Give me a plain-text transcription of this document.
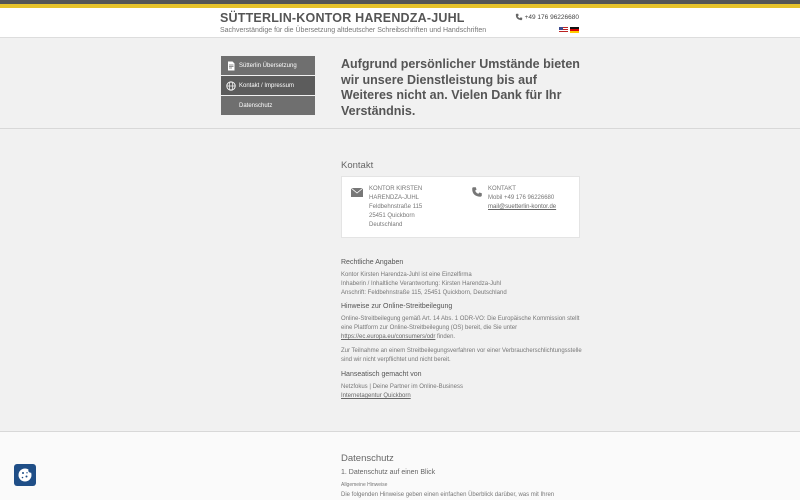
SÜTTERLIN-KONTOR HARENDZA-JUHL
Sachverständige für die Übersetzung altdeutscher Schreibschriften und Handschriften
+49 176 96226680
Sütterlin Übersetzung
Kontakt / Impressum
Datenschutz
Aufgrund persönlicher Umstände bieten wir unsere Dienstleistung bis auf Weiteres nicht an. Vielen Dank für Ihr Verständnis.
Kontakt
KONTOR KIRSTEN
HARENDZA-JUHL
Feldbehnstraße 115
25451 Quickborn
Deutschland
KONTAKT
Mobil +49 176 96226680
mail@suetterlin-kontor.de
Rechtliche Angaben
Kontor Kirsten Harendza-Juhl ist eine Einzelfirma
Inhaberin / Inhaltliche Verantwortung: Kirsten Harendza-Juhl
Anschrift: Feldbehnstraße 115, 25451 Quickborn, Deutschland
Hinweise zur Online-Streitbeilegung

Online-Streitbeilegung gemäß Art. 14 Abs. 1 ODR-VO: Die Europäische Kommission stellt eine Plattform zur Online-Streitbeilegung (OS) bereit, die Sie unter https://ec.europa.eu/consumers/odr finden.

Zur Teilnahme an einem Streitbeilegungsverfahren vor einer Verbraucherschlichtungsstelle sind wir nicht verpflichtet und nicht bereit.

Hanseatisch gemacht von
Netzfokus | Deine Partner im Online-Business
Internetagentur Quickborn
Datenschutz
1. Datenschutz auf einen Blick
Allgemeine Hinweise
Die folgenden Hinweise geben einen einfachen Überblick darüber, was mit Ihren
